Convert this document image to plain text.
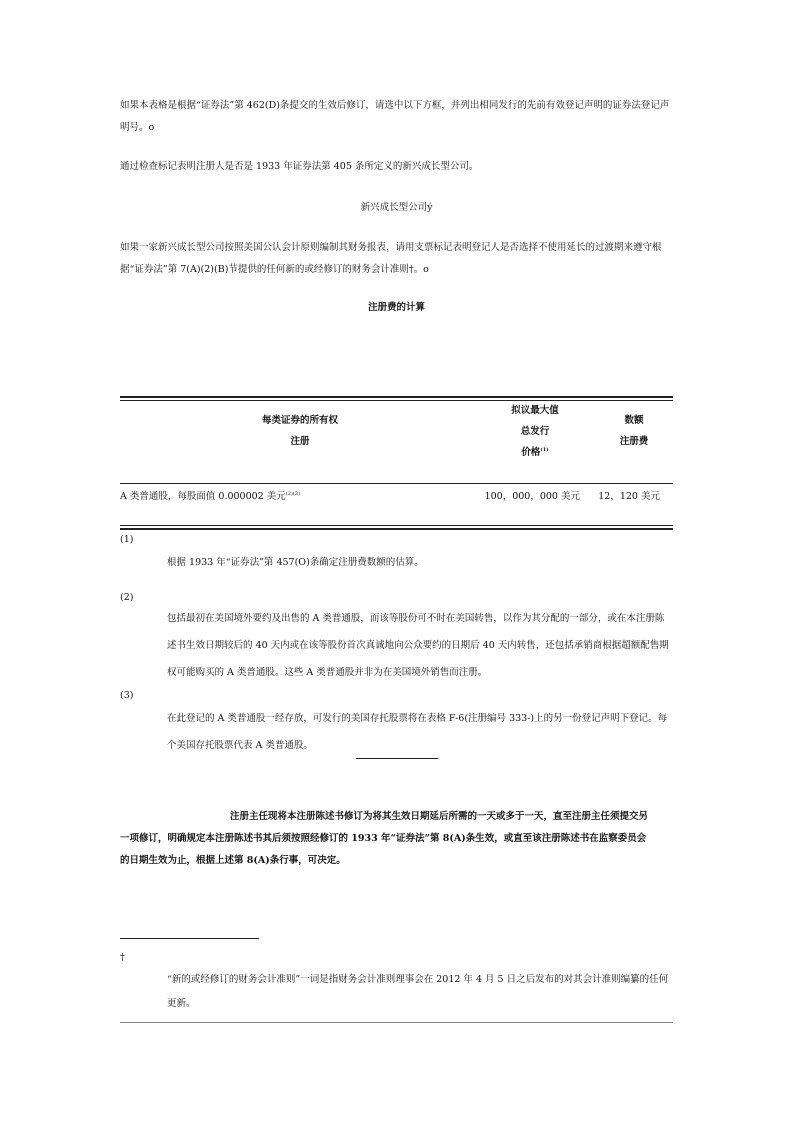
如果本表格是根据“证券法”第 462(D)条提交的生效后修订，请选中以下方框，并列出相同发行的先前有效登记声明的证券法登记声明号。o
通过检查标记表明注册人是否是 1933 年证券法第 405 条所定义的新兴成长型公司。
新兴成长型公司ý
如果一家新兴成长型公司按照美国公认会计原则编制其财务报表，请用支票标记表明登记人是否选择不使用延长的过渡期来遵守根据“证券法”第 7(A)(2)(B)节提供的任何新的或经修订的财务会计准则†。o
注册费的计算
每类证券的所有权
注册
拟议最大值
总发行
价格$^{(1)}$
数额
注册费
A 类普通股，每股面值 0.000002 美元$^{(2)(3)}$	100，000，000 美元	12，120 美元
(1)
根据 1933 年“证券法”第 457(O)条确定注册费数额的估算。
(2)
包括最初在美国境外要约及出售的 A 类普通股，而该等股份可不时在美国转售，以作为其分配的一部分，或在本注册陈述书生效日期较后的 40 天内或在该等股份首次真诚地向公众要约的日期后 40 天内转售，还包括承销商根据超额配售期权可能购买的 A 类普通股。这些 A 类普通股并非为在美国境外销售而注册。
(3)
在此登记的 A 类普通股一经存放，可发行的美国存托股票将在表格 F-6(注册编号 333-)上的另一份登记声明下登记。每个美国存托股票代表 A 类普通股。
注册主任现将本注册陈述书修订为将其生效日期延后所需的一天或多于一天，直至注册主任须提交另
一项修订，明确规定本注册陈述书其后须按照经修订的 1933 年“证券法”第 8(A)条生效，或直至该注册陈述书在监察委员会
的日期生效为止，根据上述第 8(A)条行事，可决定。
†
“新的或经修订的财务会计准则”一词是指财务会计准则理事会在 2012 年 4 月 5 日之后发布的对其会计准则编纂的任何更新。
